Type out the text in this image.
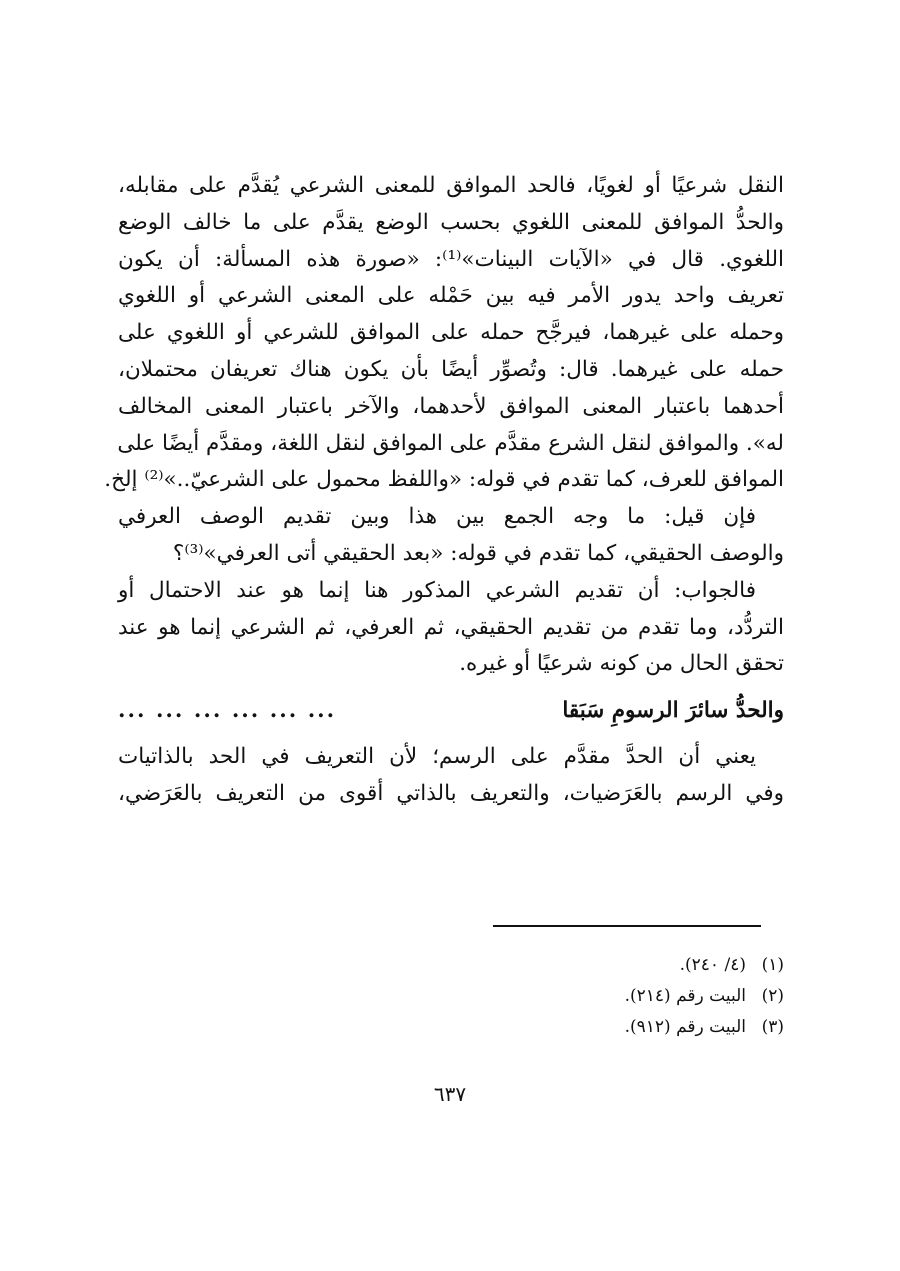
النقل شرعيًا أو لغويًا، فالحد الموافق للمعنى الشرعي يُقدَّم على مقابله،
والحدُّ الموافق للمعنى اللغوي بحسب الوضع يقدَّم على ما خالف الوضع
اللغوي. قال في «الآيات البينات»⁽¹⁾: «صورة هذه المسألة: أن يكون
تعريف واحد يدور الأمر فيه بين حَمْله على المعنى الشرعي أو اللغوي
وحمله على غيرهما، فيرجَّح حمله على الموافق للشرعي أو اللغوي على
حمله على غيرهما. قال: وتُصوِّر أيضًا بأن يكون هناك تعريفان محتملان،
أحدهما باعتبار المعنى الموافق لأحدهما، والآخر باعتبار المعنى المخالف
له». والموافق لنقل الشرع مقدَّم على الموافق لنقل اللغة، ومقدَّم أيضًا على
الموافق للعرف، كما تقدم في قوله: «واللفظ محمول على الشرعيّ..»⁽²⁾ إلخ.
فإن قيل: ما وجه الجمع بين هذا وبين تقديم الوصف العرفي
والوصف الحقيقي، كما تقدم في قوله: «بعد الحقيقي أتى العرفي»⁽³⁾؟
فالجواب: أن تقديم الشرعي المذكور هنا إنما هو عند الاحتمال أو
التردُّد، وما تقدم من تقديم الحقيقي، ثم العرفي، ثم الشرعي إنما هو عند
تحقق الحال من كونه شرعيًا أو غيره.
والحدُّ سائرَ الرسومِ سَبَقا
... ... ... ... ... ...
يعني أن الحدَّ مقدَّم على الرسم؛ لأن التعريف في الحد بالذاتيات
وفي الرسم بالعَرَضيات، والتعريف بالذاتي أقوى من التعريف بالعَرَضي،
(١)
(٤/ ٢٤٠).
(٢)
البيت رقم (٢١٤).
(٣)
البيت رقم (٩١٢).
٦٣٧
